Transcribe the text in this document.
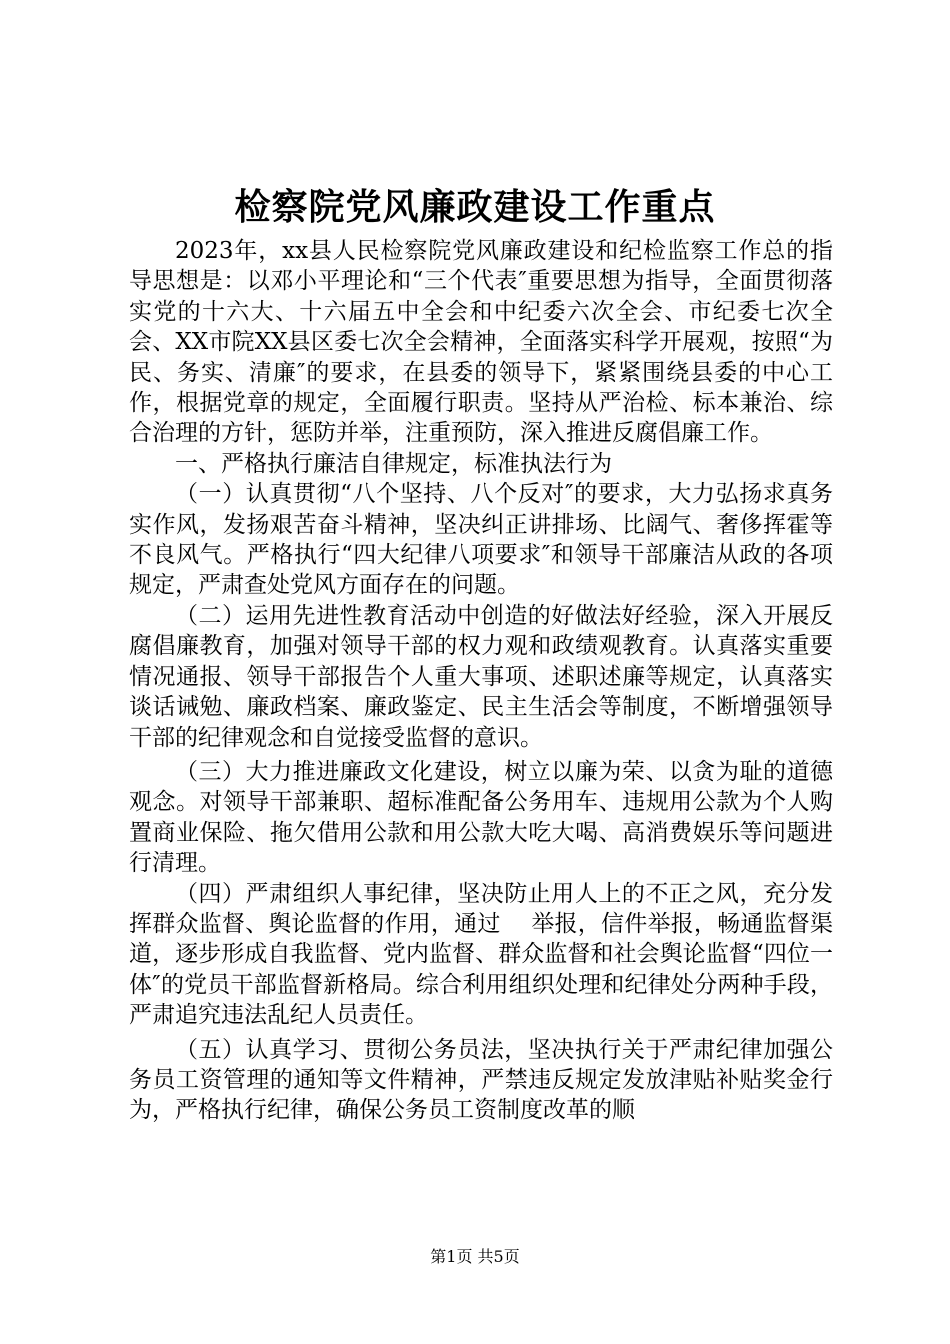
检察院党风廉政建设工作重点

2023年，xx县人民检察院党风廉政建设和纪检监察工作总的指导思想是：以邓小平理论和“三个代表″重要思想为指导，全面贯彻落实党的十六大、十六届五中全会和中纪委六次全会、市纪委七次全会、XX市院XX县区委七次全会精神，全面落实科学开展观，按照“为民、务实、清廉″的要求，在县委的领导下，紧紧围绕县委的中心工作，根据党章的规定，全面履行职责。坚持从严治检、标本兼治、综合治理的方针，惩防并举，注重预防，深入推进反腐倡廉工作。

一、严格执行廉洁自律规定，标准执法行为

（一）认真贯彻“八个坚持、八个反对″的要求，大力弘扬求真务实作风，发扬艰苦奋斗精神，坚决纠正讲排场、比阔气、奢侈挥霍等不良风气。严格执行“四大纪律八项要求″和领导干部廉洁从政的各项规定，严肃查处党风方面存在的问题。

（二）运用先进性教育活动中创造的好做法好经验，深入开展反腐倡廉教育，加强对领导干部的权力观和政绩观教育。认真落实重要情况通报、领导干部报告个人重大事项、述职述廉等规定，认真落实谈话诫勉、廉政档案、廉政鉴定、民主生活会等制度，不断增强领导干部的纪律观念和自觉接受监督的意识。

（三）大力推进廉政文化建设，树立以廉为荣、以贪为耻的道德观念。对领导干部兼职、超标准配备公务用车、违规用公款为个人购置商业保险、拖欠借用公款和用公款大吃大喝、高消费娱乐等问题进行清理。

（四）严肃组织人事纪律，坚决防止用人上的不正之风，充分发挥群众监督、舆论监督的作用，通过　 举报，信件举报，畅通监督渠道，逐步形成自我监督、党内监督、群众监督和社会舆论监督“四位一体″的党员干部监督新格局。综合利用组织处理和纪律处分两种手段，严肃追究违法乱纪人员责任。

（五）认真学习、贯彻公务员法，坚决执行关于严肃纪律加强公务员工资管理的通知等文件精神，严禁违反规定发放津贴补贴奖金行为，严格执行纪律，确保公务员工资制度改革的顺

第1页 共5页
